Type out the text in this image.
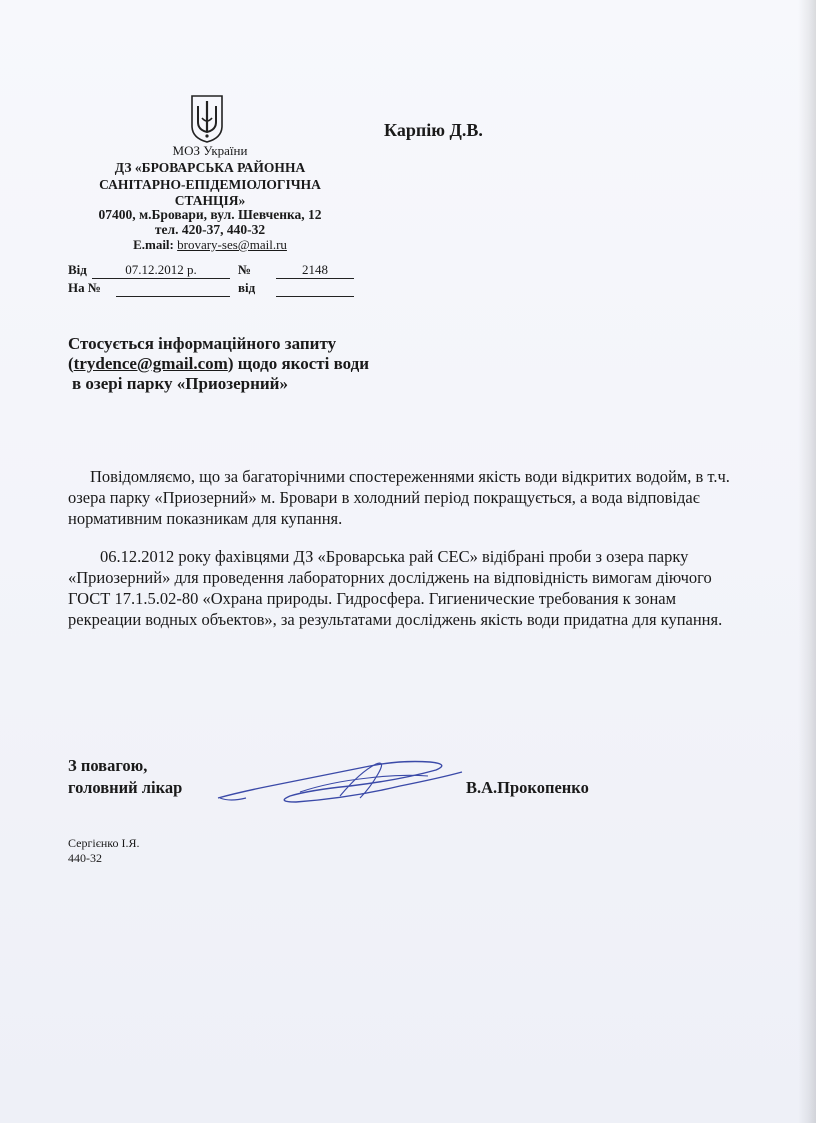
МОЗ України
ДЗ «БРОВАРСЬКА РАЙОННА
САНІТАРНО-ЕПІДЕМІОЛОГІЧНА
СТАНЦІЯ»
07400, м.Бровари, вул. Шевченка, 12
тел. 420-37, 440-32
E.mail: brovary-ses@mail.ru
Карпію Д.В.
Від	07.12.2012 р.	№	2148
На №	від
Стосується інформаційного запиту
(trydence@gmail.com) щодо якості води
в озері парку «Приозерний»
Повідомляємо, що за багаторічними спостереженнями якість води відкритих водойм, в т.ч. озера парку «Приозерний» м. Бровари в холодний період покращується, а вода відповідає нормативним показникам для купання.
06.12.2012 року фахівцями ДЗ «Броварська рай СЕС» відібрані проби з озера парку «Приозерний» для проведення лабораторних досліджень на відповідність вимогам діючого ГОСТ 17.1.5.02-80 «Охрана природы. Гидросфера. Гигиенические требования к зонам рекреации водных объектов», за результатами досліджень якість води придатна для купання.
З повагою,
головний лікар	В.А.Прокопенко
Сергієнко І.Я.
440-32
